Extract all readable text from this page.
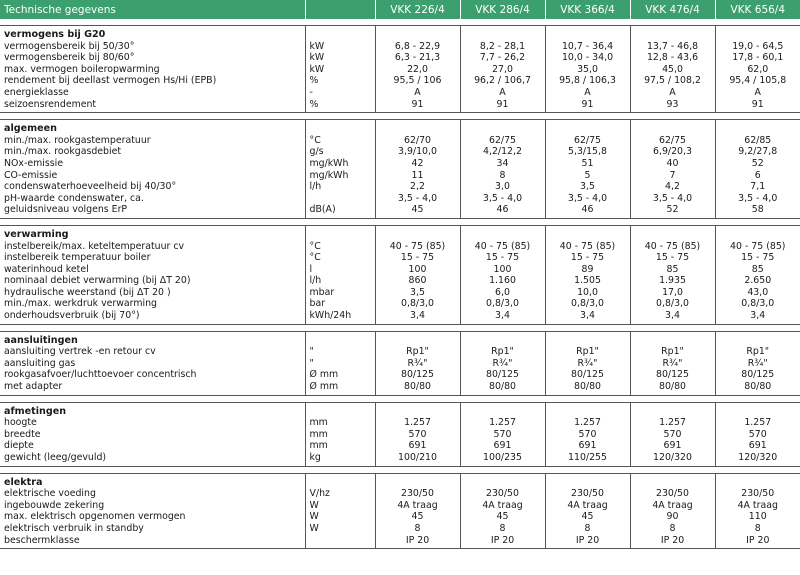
Technische gegevens		VKK 226/4	VKK 286/4	VKK 366/4	VKK 476/4	VKK 656/4

vermogens bij G20						
vermogensbereik bij 50/30°	kW	6,8 - 22,9	8,2 - 28,1	10,7 - 36,4	13,7 - 46,8	19,0 - 64,5
vermogensbereik bij 80/60°	kW	6,3 - 21,3	7,7 - 26,2	10,0 - 34,0	12,8 - 43,6	17,8 - 60,1
max. vermogen boileropwarming	kW	22,0	27,0	35,0	45,0	62,0
rendement bij deellast vermogen Hs/Hi (EPB)	%	95,5 / 106	96,2 / 106,7	95,8 / 106,3	97,5 / 108,2	95,4 / 105,8
energieklasse	-	A	A	A	A	A
seizoensrendement	%	91	91	91	93	91

algemeen						
min./max. rookgastemperatuur	°C	62/70	62/75	62/75	62/75	62/85
min./max. rookgasdebiet	g/s	3,9/10,0	4,2/12,2	5,3/15,8	6,9/20,3	9,2/27,8
NOx-emissie	mg/kWh	42	34	51	40	52
CO-emissie	mg/kWh	11	8	5	7	6
condenswaterhoeveelheid bij 40/30°	l/h	2,2	3,0	3,5	4,2	7,1
pH-waarde condenswater, ca.		3,5 - 4,0	3,5 - 4,0	3,5 - 4,0	3,5 - 4,0	3,5 - 4,0
geluidsniveau volgens ErP	dB(A)	45	46	46	52	58

verwarming						
instelbereik/max. keteltemperatuur cv	°C	40 - 75 (85)	40 - 75 (85)	40 - 75 (85)	40 - 75 (85)	40 - 75 (85)
instelbereik temperatuur boiler	°C	15 - 75	15 - 75	15 - 75	15 - 75	15 - 75
waterinhoud ketel	l	100	100	89	85	85
nominaal debiet verwarming (bij ΔT 20)	l/h	860	1.160	1.505	1.935	2.650
hydraulische weerstand (bij ΔT 20 )	mbar	3,5	6,0	10,0	17,0	43,0
min./max. werkdruk verwarming	bar	0,8/3,0	0,8/3,0	0,8/3,0	0,8/3,0	0,8/3,0
onderhoudsverbruik (bij 70°)	kWh/24h	3,4	3,4	3,4	3,4	3,4

aansluitingen						
aansluiting vertrek -en retour cv	"	Rp1"	Rp1"	Rp1"	Rp1"	Rp1"
aansluiting gas	"	R¾"	R¾"	R¾"	R¾"	R¾"
rookgasafvoer/luchttoevoer concentrisch	Ø mm	80/125	80/125	80/125	80/125	80/125
met adapter	Ø mm	80/80	80/80	80/80	80/80	80/80

afmetingen						
hoogte	mm	1.257	1.257	1.257	1.257	1.257
breedte	mm	570	570	570	570	570
diepte	mm	691	691	691	691	691
gewicht (leeg/gevuld)	kg	100/210	100/235	110/255	120/320	120/320

elektra						
elektrische voeding	V/hz	230/50	230/50	230/50	230/50	230/50
ingebouwde zekering	W	4A traag	4A traag	4A traag	4A traag	4A traag
max. elektrisch opgenomen vermogen	W	45	45	45	90	110
elektrisch verbruik in standby	W	8	8	8	8	8
beschermklasse		IP 20	IP 20	IP 20	IP 20	IP 20
